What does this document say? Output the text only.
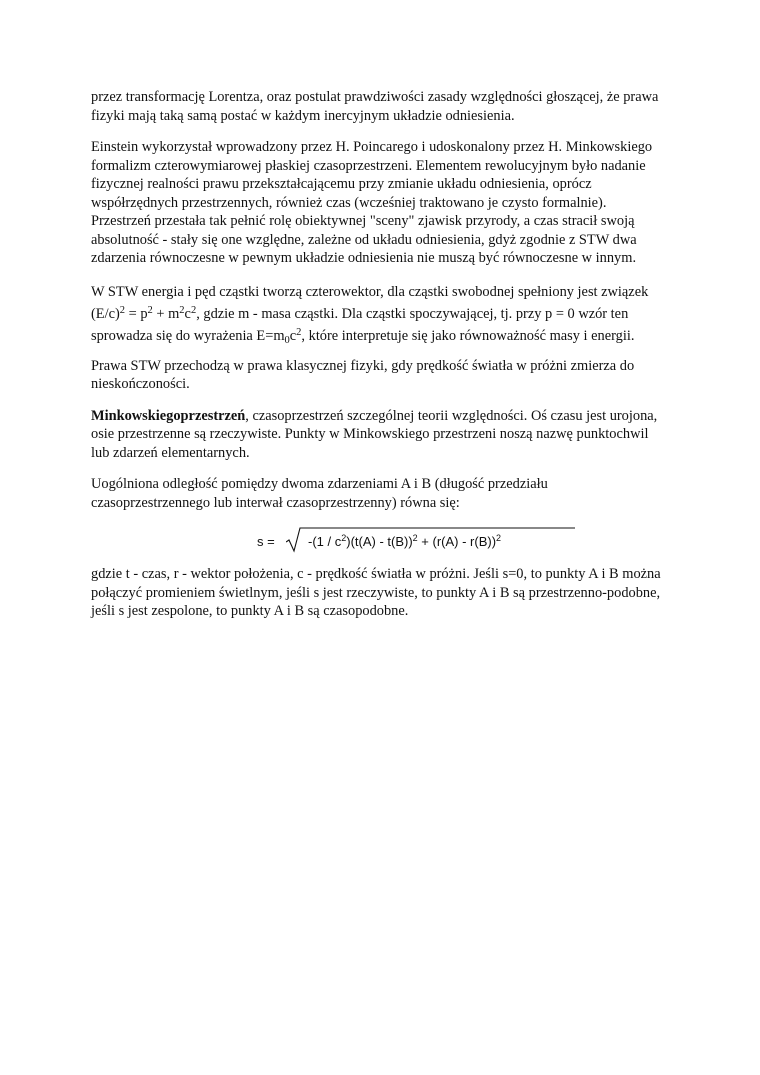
przez transformację Lorentza, oraz postulat prawdziwości zasady względności głoszącej, że prawa fizyki mają taką samą postać w każdym inercyjnym układzie odniesienia.

Einstein wykorzystał wprowadzony przez H. Poincarego i udoskonalony przez H. Minkowskiego formalizm czterowymiarowej płaskiej czasoprzestrzeni. Elementem rewolucyjnym było nadanie fizycznej realności prawu przekształcającemu przy zmianie układu odniesienia, oprócz współrzędnych przestrzennych, również czas (wcześniej traktowano je czysto formalnie). Przestrzeń przestała tak pełnić rolę obiektywnej "sceny" zjawisk przyrody, a czas stracił swoją absolutność - stały się one względne, zależne od układu odniesienia, gdyż zgodnie z STW dwa zdarzenia równoczesne w pewnym układzie odniesienia nie muszą być równoczesne w innym.

W STW energia i pęd cząstki tworzą czterowektor, dla cząstki swobodnej spełniony jest związek $(E/c)^2 = p^2 + m^2c^2$, gdzie m - masa cząstki. Dla cząstki spoczywającej, tj. przy p = 0 wzór ten sprowadza się do wyrażenia $E=m_0c^2$, które interpretuje się jako równoważność masy i energii.

Prawa STW przechodzą w prawa klasycznej fizyki, gdy prędkość światła w próżni zmierza do nieskończoności.

Minkowskiegoprzestrzeń, czasoprzestrzeń szczególnej teorii względności. Oś czasu jest urojona, osie przestrzenne są rzeczywiste. Punkty w Minkowskiego przestrzeni noszą nazwę punktochwil lub zdarzeń elementarnych.

Uogólniona odległość pomiędzy dwoma zdarzeniami A i B (długość przedziału czasoprzestrzennego lub interwał czasoprzestrzenny) równa się:

s =	$-(1 / c^2)(t(A) - t(B))^2 + (r(A) - r(B))^2$

gdzie t - czas, r - wektor położenia, c - prędkość światła w próżni. Jeśli s=0, to punkty A i B można połączyć promieniem świetlnym, jeśli s jest rzeczywiste, to punkty A i B są przestrzenno-podobne, jeśli s jest zespolone, to punkty A i B są czasopodobne.
